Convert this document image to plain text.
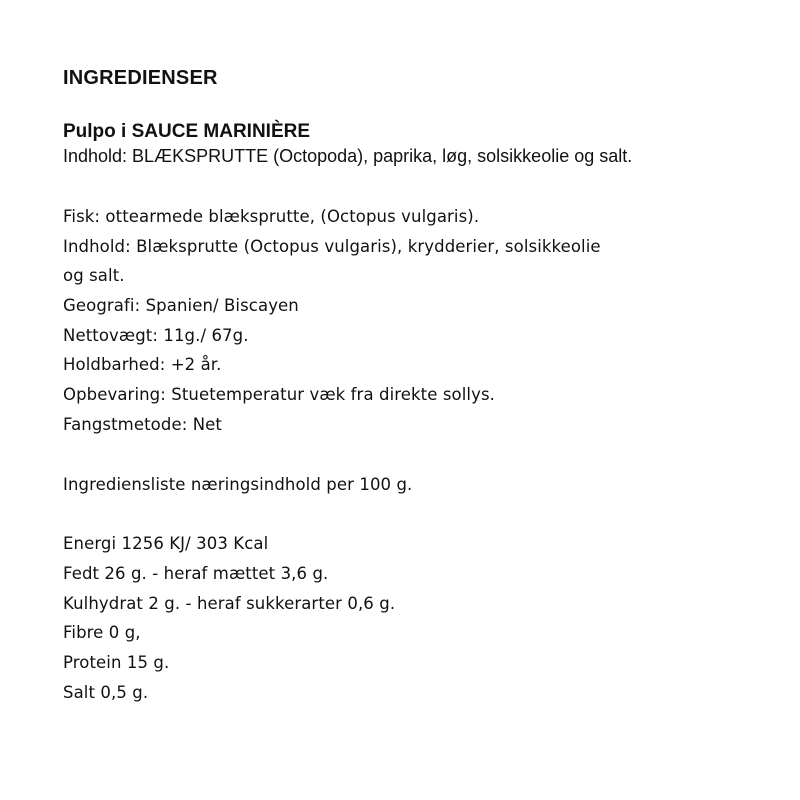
INGREDIENSER
Pulpo i SAUCE MARINIÈRE

Indhold: BLÆKSPRUTTE (Octopoda), paprika, løg, solsikkeolie og salt.

Fisk: ottearmede blæksprutte, (Octopus vulgaris).

Indhold: Blæksprutte (Octopus vulgaris), krydderier, solsikkeolie

og salt.

Geografi: Spanien/ Biscayen

Nettovægt: 11g./ 67g.

Holdbarhed: +2 år.

Opbevaring: Stuetemperatur væk fra direkte sollys.

Fangstmetode: Net

Ingrediensliste næringsindhold per 100 g.

Energi 1256 KJ/ 303 Kcal

Fedt 26 g. - heraf mættet 3,6 g.

Kulhydrat 2 g. - heraf sukkerarter 0,6 g.

Fibre 0 g,

Protein 15 g.

Salt 0,5 g.
